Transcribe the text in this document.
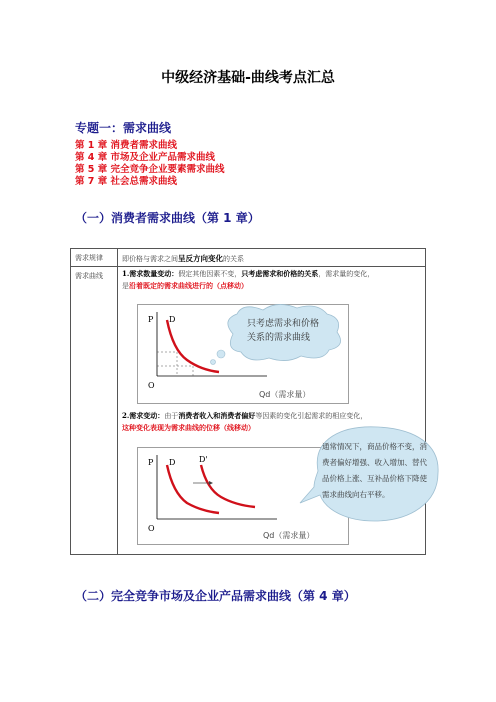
中级经济基础-曲线考点汇总
专题一：需求曲线
第 1 章 消费者需求曲线
第 4 章 市场及企业产品需求曲线
第 5 章 完全竞争企业要素需求曲线
第 7 章 社会总需求曲线
（一）消费者需求曲线（第 1 章）
需求规律	即价格与需求之间呈反方向变化的关系
需求曲线	1.需求数量变动：假定其他因素不变，只考虑需求和价格的关系，需求量的变化，
是沿着既定的需求曲线进行的（点移动）
2.需求变动：由于消费者收入和消费者偏好等因素的变化引起需求的相应变化，
这种变化表现为需求曲线的位移（线移动）
P D
O
Qd（需求量）
只考虑需求和价格
关系的需求曲线
P D	D'
O
Qd（需求量）
通常情况下，商品价格不变，消
费者偏好增强、收入增加、替代
品价格上涨、互补品价格下降使
需求曲线向右平移。
（二）完全竞争市场及企业产品需求曲线（第 4 章）
